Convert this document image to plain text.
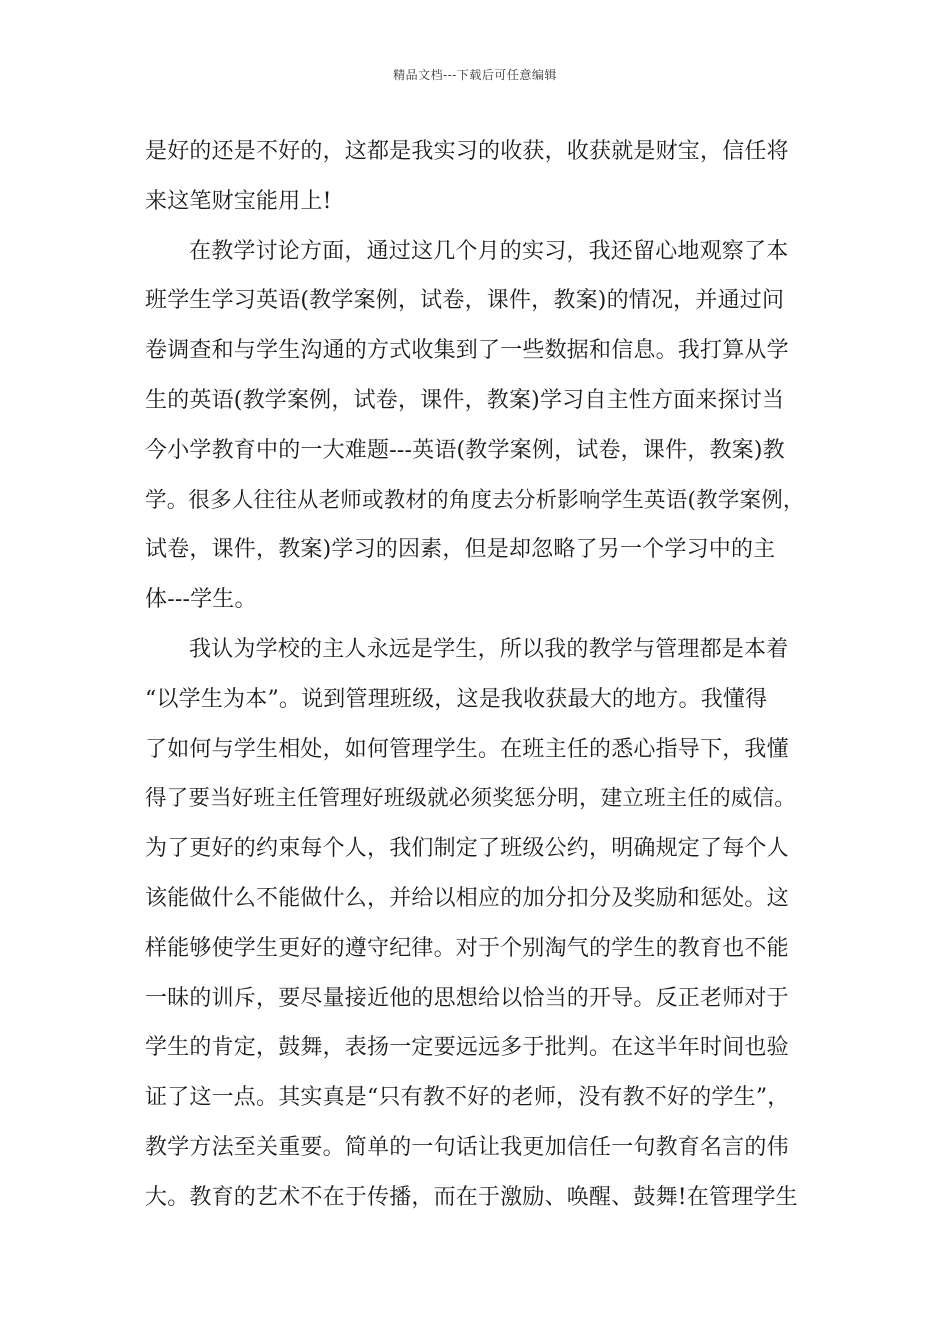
精品文档---下载后可任意编辑
是好的还是不好的，这都是我实习的收获，收获就是财宝，信任将
来这笔财宝能用上!
在教学讨论方面，通过这几个月的实习，我还留心地观察了本
班学生学习英语(教学案例，试卷，课件，教案)的情况，并通过问
卷调查和与学生沟通的方式收集到了一些数据和信息。我打算从学
生的英语(教学案例，试卷，课件，教案)学习自主性方面来探讨当
今小学教育中的一大难题---英语(教学案例，试卷，课件，教案)教
学。很多人往往从老师或教材的角度去分析影响学生英语(教学案例，
试卷，课件，教案)学习的因素，但是却忽略了另一个学习中的主
体---学生。
我认为学校的主人永远是学生，所以我的教学与管理都是本着
“以学生为本”。说到管理班级，这是我收获最大的地方。我懂得
了如何与学生相处，如何管理学生。在班主任的悉心指导下，我懂
得了要当好班主任管理好班级就必须奖惩分明，建立班主任的威信。
为了更好的约束每个人，我们制定了班级公约，明确规定了每个人
该能做什么不能做什么，并给以相应的加分扣分及奖励和惩处。这
样能够使学生更好的遵守纪律。对于个别淘气的学生的教育也不能
一昧的训斥，要尽量接近他的思想给以恰当的开导。反正老师对于
学生的肯定，鼓舞，表扬一定要远远多于批判。在这半年时间也验
证了这一点。其实真是“只有教不好的老师，没有教不好的学生”，
教学方法至关重要。简单的一句话让我更加信任一句教育名言的伟
大。教育的艺术不在于传播，而在于激励、唤醒、鼓舞!在管理学生
